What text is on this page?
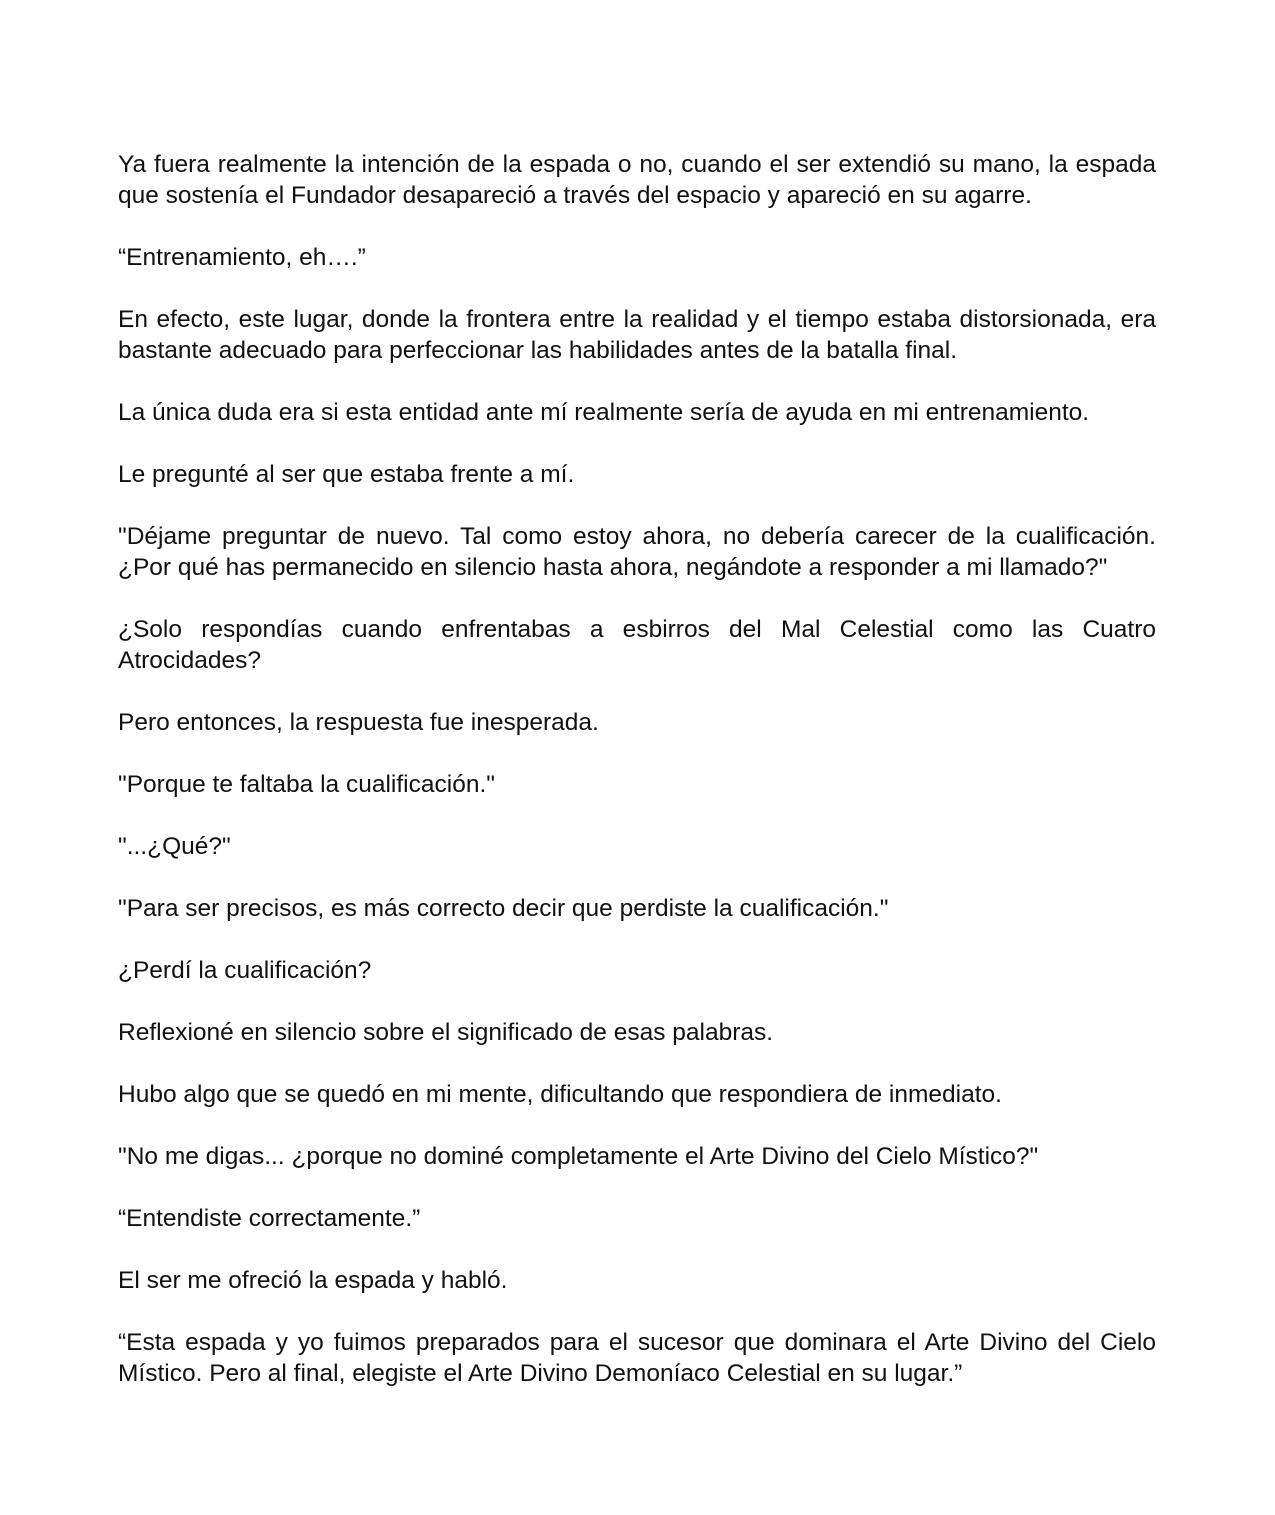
Ya fuera realmente la intención de la espada o no, cuando el ser extendió su mano, la espada que sostenía el Fundador desapareció a través del espacio y apareció en su agarre.

“Entrenamiento, eh….”

En efecto, este lugar, donde la frontera entre la realidad y el tiempo estaba distorsionada, era bastante adecuado para perfeccionar las habilidades antes de la batalla final.

La única duda era si esta entidad ante mí realmente sería de ayuda en mi entrenamiento.

Le pregunté al ser que estaba frente a mí.

"Déjame preguntar de nuevo. Tal como estoy ahora, no debería carecer de la cualificación. ¿Por qué has permanecido en silencio hasta ahora, negándote a responder a mi llamado?"

¿Solo respondías cuando enfrentabas a esbirros del Mal Celestial como las Cuatro Atrocidades?

Pero entonces, la respuesta fue inesperada.

"Porque te faltaba la cualificación."

"...¿Qué?"

"Para ser precisos, es más correcto decir que perdiste la cualificación."

¿Perdí la cualificación?

Reflexioné en silencio sobre el significado de esas palabras.

Hubo algo que se quedó en mi mente, dificultando que respondiera de inmediato.

"No me digas... ¿porque no dominé completamente el Arte Divino del Cielo Místico?"

“Entendiste correctamente.”

El ser me ofreció la espada y habló.

“Esta espada y yo fuimos preparados para el sucesor que dominara el Arte Divino del Cielo Místico. Pero al final, elegiste el Arte Divino Demoníaco Celestial en su lugar.”
